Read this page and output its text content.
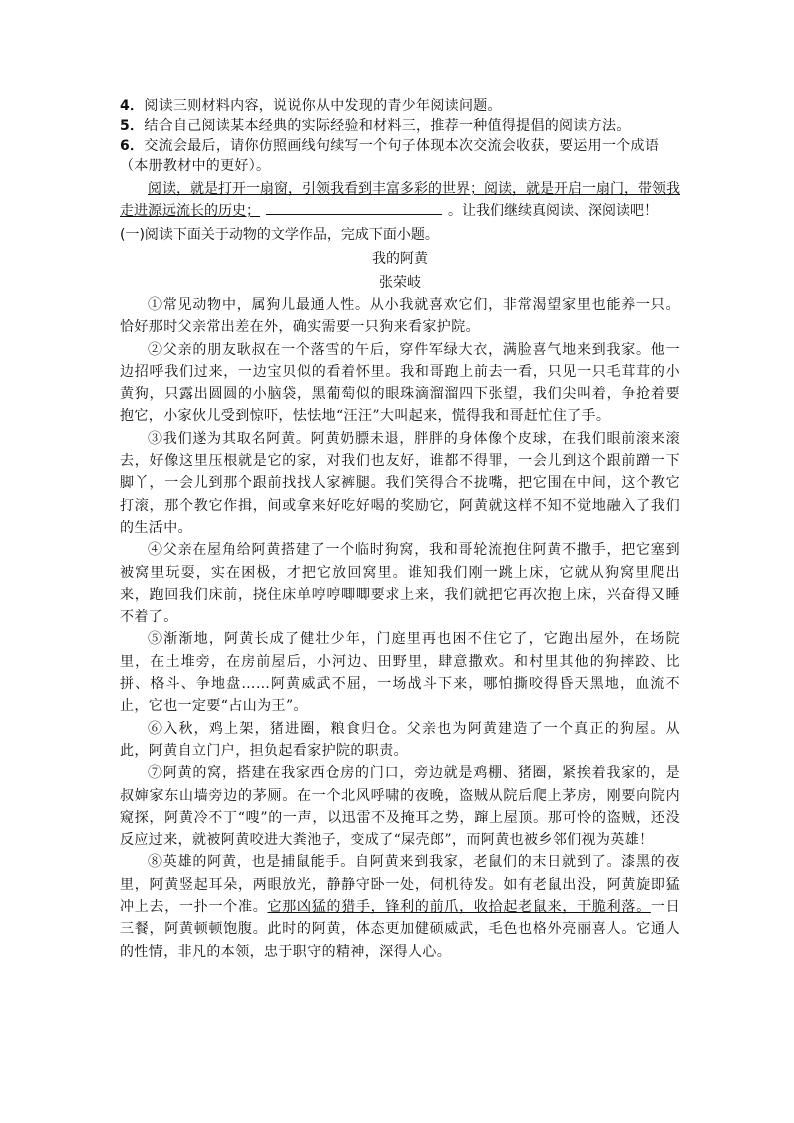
4．阅读三则材料内容，说说你从中发现的青少年阅读问题。

5．结合自己阅读某本经典的实际经验和材料三，推荐一种值得提倡的阅读方法。

6．交流会最后，请你仿照画线句续写一个句子体现本次交流会收获，要运用一个成语（本册教材中的更好）。

阅读，就是打开一扇窗，引领我看到丰富多彩的世界；阅读，就是开启一扇门，带领我走进源远流长的历史；	。让我们继续真阅读、深阅读吧！

(一)阅读下面关于动物的文学作品，完成下面小题。

我的阿黄

张荣岐

①常见动物中，属狗儿最通人性。从小我就喜欢它们，非常渴望家里也能养一只。恰好那时父亲常出差在外，确实需要一只狗来看家护院。

②父亲的朋友耿叔在一个落雪的午后，穿件军绿大衣，满脸喜气地来到我家。他一边招呼我们过来，一边宝贝似的看着怀里。我和哥跑上前去一看，只见一只毛茸茸的小黄狗，只露出圆圆的小脑袋，黑葡萄似的眼珠滴溜溜四下张望，我们尖叫着，争抢着要抱它，小家伙儿受到惊吓，怯怯地“汪汪”大叫起来，慌得我和哥赶忙住了手。

③我们遂为其取名阿黄。阿黄奶膘未退，胖胖的身体像个皮球，在我们眼前滚来滚去，好像这里压根就是它的家，对我们也友好，谁都不得罪，一会儿到这个跟前蹭一下脚丫，一会儿到那个跟前找找人家裤腿。我们笑得合不拢嘴，把它围在中间，这个教它打滚，那个教它作揖，间或拿来好吃好喝的奖励它，阿黄就这样不知不觉地融入了我们的生活中。

④父亲在屋角给阿黄搭建了一个临时狗窝，我和哥轮流抱住阿黄不撒手，把它塞到被窝里玩耍，实在困极，才把它放回窝里。谁知我们刚一跳上床，它就从狗窝里爬出来，跑回我们床前，挠住床单哼哼唧唧要求上来，我们就把它再次抱上床，兴奋得又睡不着了。

⑤渐渐地，阿黄长成了健壮少年，门庭里再也困不住它了，它跑出屋外，在场院里，在土堆旁，在房前屋后，小河边、田野里，肆意撒欢。和村里其他的狗摔跤、比拼、格斗、争地盘……阿黄威武不屈，一场战斗下来，哪怕撕咬得昏天黑地，血流不止，它也一定要“占山为王”。

⑥入秋，鸡上架，猪进圈，粮食归仓。父亲也为阿黄建造了一个真正的狗屋。从此，阿黄自立门户，担负起看家护院的职责。

⑦阿黄的窝，搭建在我家西仓房的门口，旁边就是鸡棚、猪圈，紧挨着我家的，是叔婶家东山墙旁边的茅厕。在一个北风呼啸的夜晚，盗贼从院后爬上茅房，刚要向院内窥探，阿黄冷不丁“嗖”的一声，以迅雷不及掩耳之势，蹿上屋顶。那可怜的盗贼，还没反应过来，就被阿黄咬进大粪池子，变成了“屎壳郎”，而阿黄也被乡邻们视为英雄！

⑧英雄的阿黄，也是捕鼠能手。自阿黄来到我家，老鼠们的末日就到了。漆黑的夜里，阿黄竖起耳朵，两眼放光，静静守卧一处，伺机待发。如有老鼠出没，阿黄旋即猛冲上去，一扑一个准。它那凶猛的猎手，锋利的前爪，收拾起老鼠来，干脆利落。一日三餐，阿黄顿顿饱腹。此时的阿黄，体态更加健硕威武，毛色也格外亮丽喜人。它通人的性情，非凡的本领，忠于职守的精神，深得人心。
